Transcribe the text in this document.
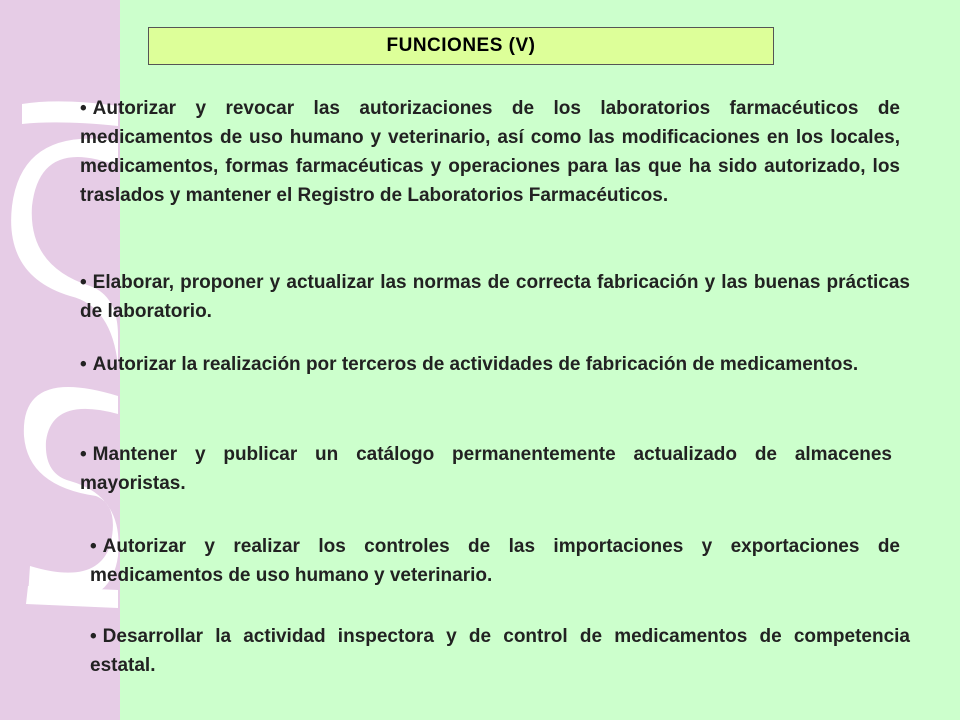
FUNCIONES (V)

• Autorizar y revocar las autorizaciones de los laboratorios farmacéuticos de medicamentos de uso humano y veterinario, así como las modificaciones en los locales, medicamentos, formas farmacéuticas y operaciones para las que ha sido autorizado, los traslados y mantener el Registro de Laboratorios Farmacéuticos.

• Elaborar, proponer y actualizar las normas de correcta fabricación y las buenas prácticas de laboratorio.

• Autorizar la realización por terceros de actividades de fabricación de medicamentos.

• Mantener y publicar un catálogo permanentemente actualizado de almacenes mayoristas.

• Autorizar y realizar los controles de las importaciones y exportaciones de medicamentos de uso humano y veterinario.

• Desarrollar la actividad inspectora y de control de medicamentos de competencia estatal.
